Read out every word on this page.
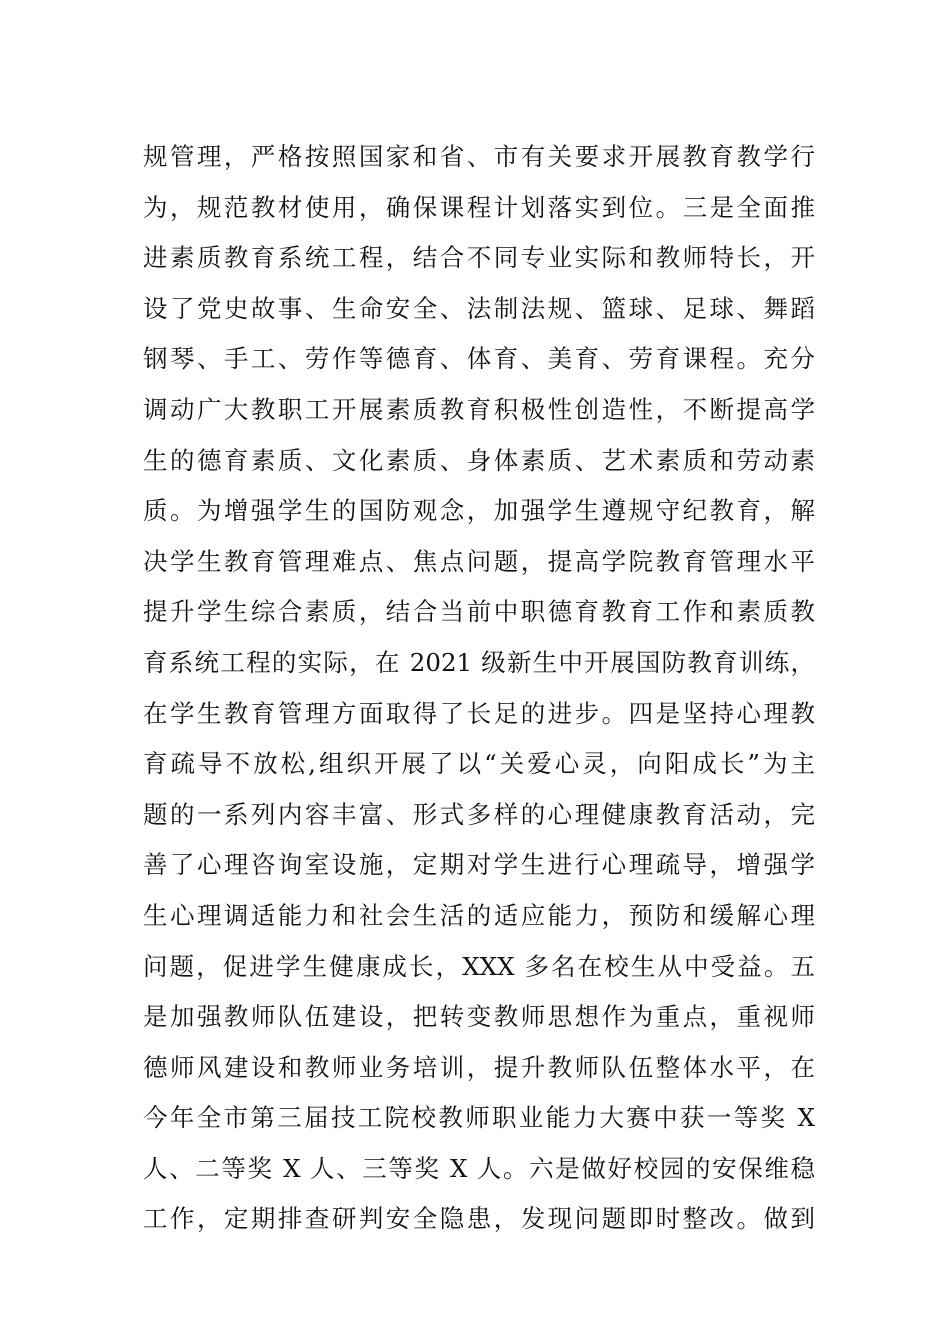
规管理，严格按照国家和省、市有关要求开展教育教学行
为，规范教材使用，确保课程计划落实到位。三是全面推
进素质教育系统工程，结合不同专业实际和教师特长，开
设了党史故事、生命安全、法制法规、篮球、足球、舞蹈
钢琴、手工、劳作等德育、体育、美育、劳育课程。充分
调动广大教职工开展素质教育积极性创造性，不断提高学
生的德育素质、文化素质、身体素质、艺术素质和劳动素
质。为增强学生的国防观念，加强学生遵规守纪教育，解
决学生教育管理难点、焦点问题，提高学院教育管理水平
提升学生综合素质，结合当前中职德育教育工作和素质教
育系统工程的实际，在 2021 级新生中开展国防教育训练，
在学生教育管理方面取得了长足的进步。四是坚持心理教
育疏导不放松,组织开展了以“关爱心灵，向阳成长”为主
题的一系列内容丰富、形式多样的心理健康教育活动，完
善了心理咨询室设施，定期对学生进行心理疏导，增强学
生心理调适能力和社会生活的适应能力，预防和缓解心理
问题，促进学生健康成长，XXX 多名在校生从中受益。五
是加强教师队伍建设，把转变教师思想作为重点，重视师
德师风建设和教师业务培训，提升教师队伍整体水平，在
今年全市第三届技工院校教师职业能力大赛中获一等奖 X
人、二等奖 X 人、三等奖 X 人。六是做好校园的安保维稳
工作，定期排查研判安全隐患，发现问题即时整改。做到
